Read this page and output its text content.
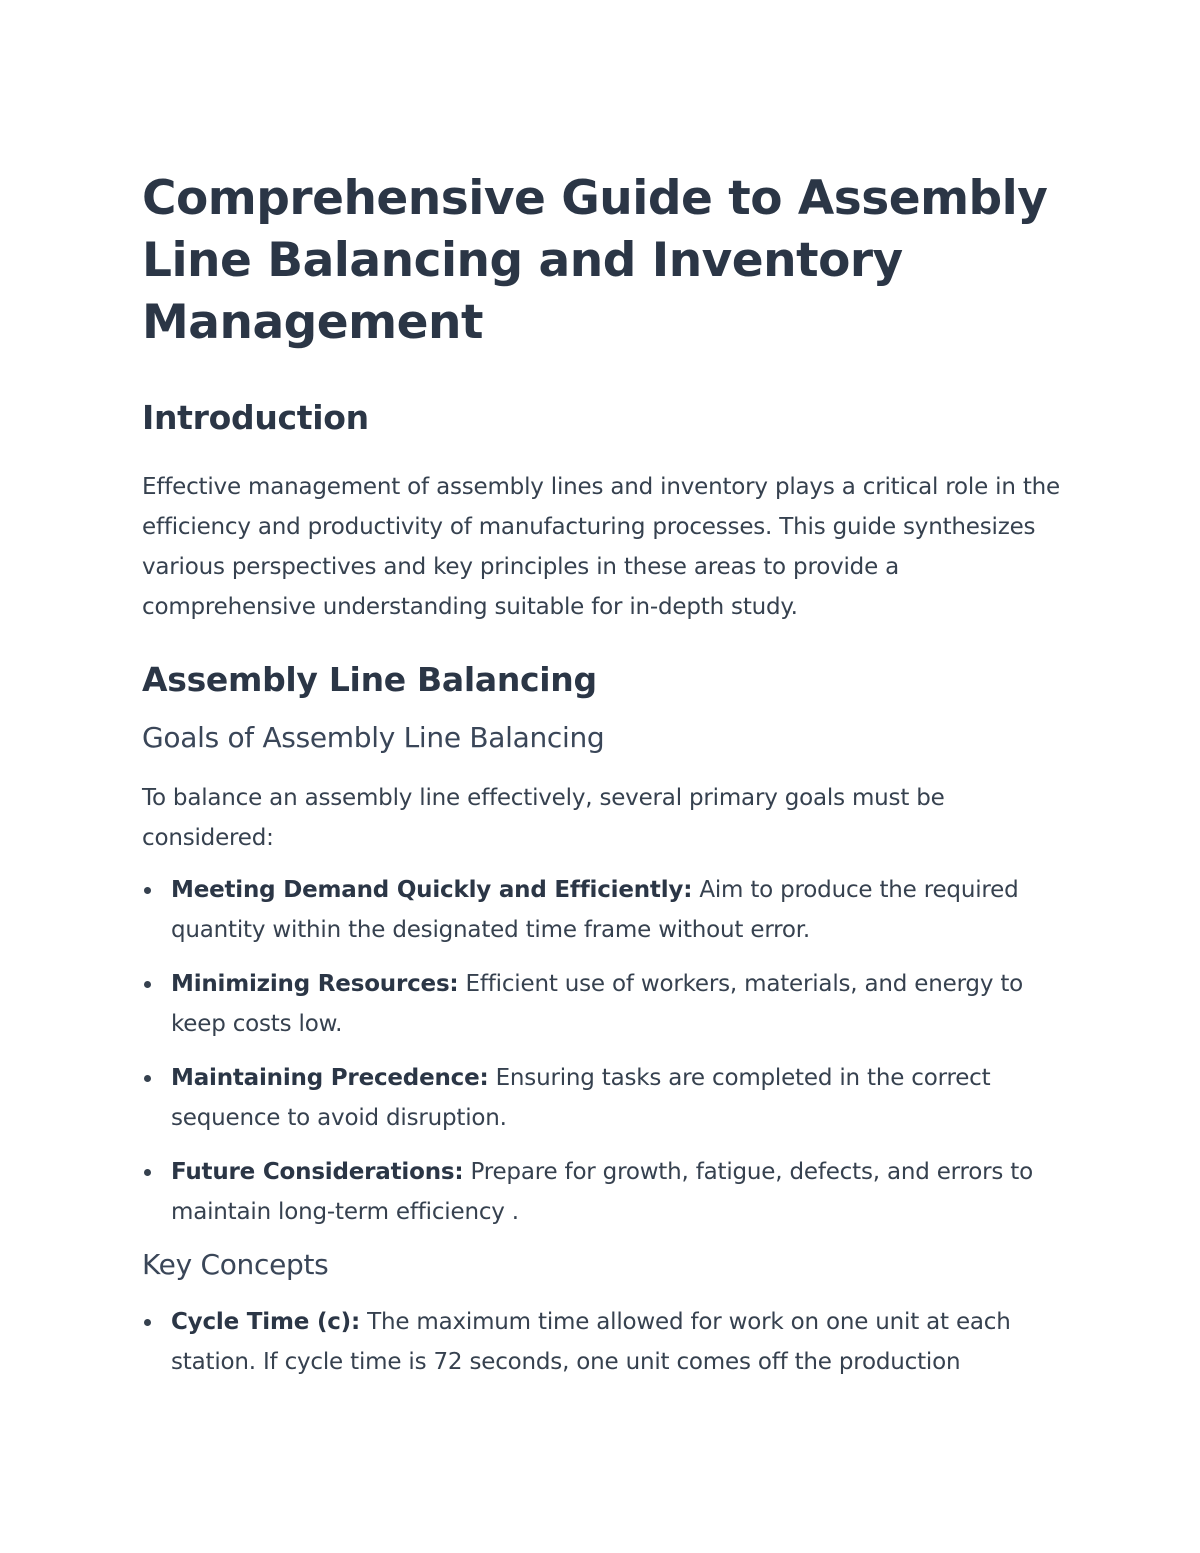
Comprehensive Guide to Assembly Line Balancing and Inventory Management
Introduction

Effective management of assembly lines and inventory plays a critical role in the efficiency and productivity of manufacturing processes. This guide synthesizes various perspectives and key principles in these areas to provide a comprehensive understanding suitable for in-depth study.

Assembly Line Balancing
Goals of Assembly Line Balancing

To balance an assembly line effectively, several primary goals must be considered:

Meeting Demand Quickly and Efficiently: Aim to produce the required quantity within the designated time frame without error.
Minimizing Resources: Efficient use of workers, materials, and energy to keep costs low.
Maintaining Precedence: Ensuring tasks are completed in the correct sequence to avoid disruption.
Future Considerations: Prepare for growth, fatigue, defects, and errors to maintain long-term efficiency .
Key Concepts
Cycle Time (c): The maximum time allowed for work on one unit at each station. If cycle time is 72 seconds, one unit comes off the production
